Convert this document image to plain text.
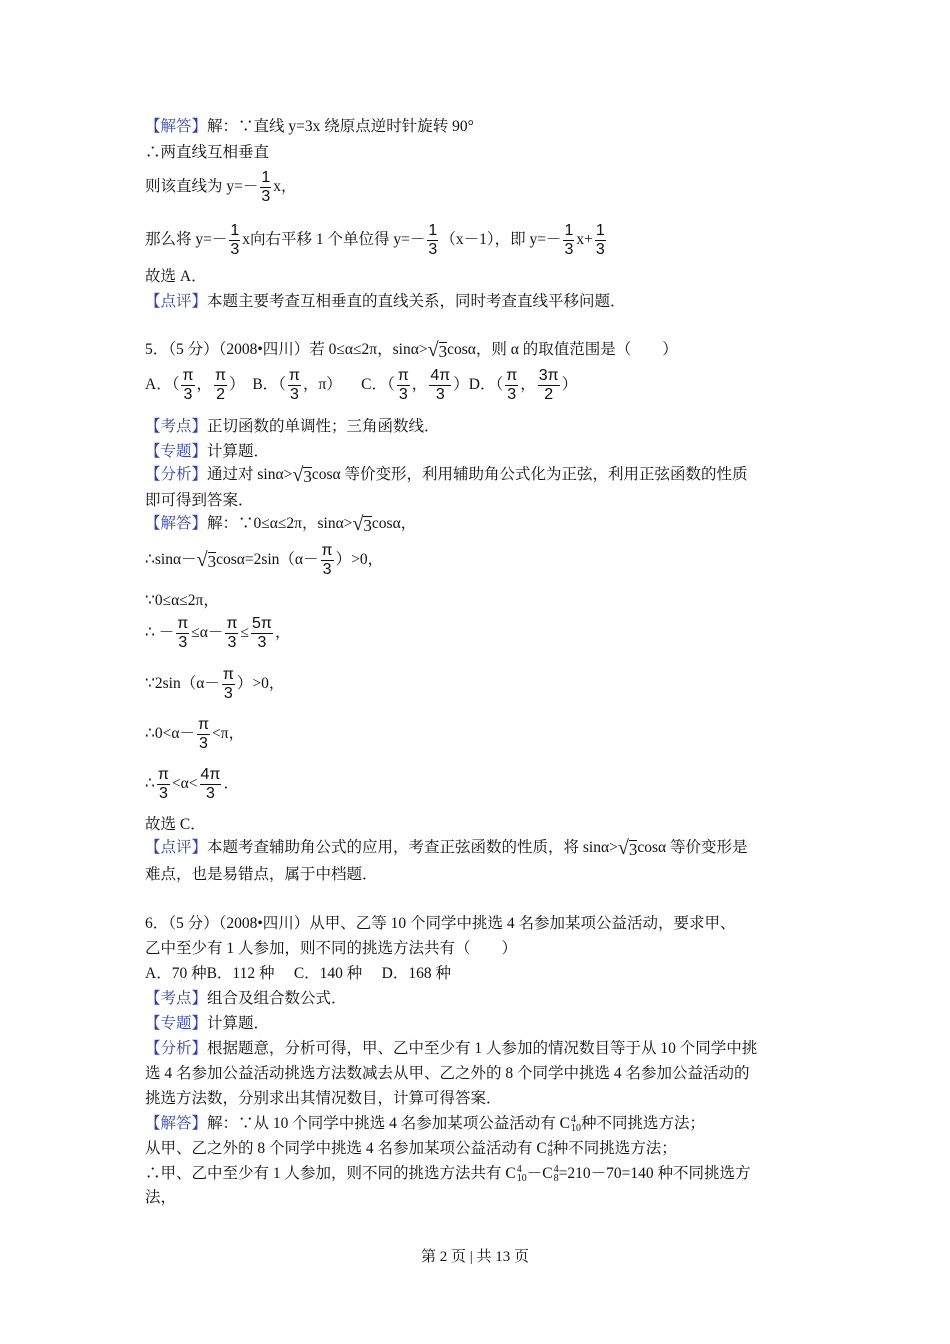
【解答】 解：∵直线 y=3x 绕原点逆时针旋转 90°
∴两直线互相垂直
则该直线为 $y=- \frac{1}{3}$ x，
那么将 $y=- \frac{1}{3}$ x向右平移 1 个单位得 $y=- \frac{1}{3} (x-1)$，即 $y=- \frac{1}{3} x+ \frac{1}{3}$
故选 A．
【点评】 本题主要考查互相垂直的直线关系，同时考查直线平移问题．
5．（5 分）（2008•四川）若 0≤α≤2π，sinα> √ 3 cosα，则 α 的取值范围是（　　）
A．（ $\frac{\pi}{3}$ ， $\frac{\pi}{2}$ ）  B．（ $\frac{\pi}{3}$ ，π）     C．（ $\frac{\pi}{3}$ ， $\frac{4\pi}{3} )D$．（ $\frac{\pi}{3}$ ， $\frac{3\pi}{2}$ ）
【考点】 正切函数的单调性；三角函数线．
【专题】 计算题．
【分析】 通过对 sinα> √ 3 cosα 等价变形，利用辅助角公式化为正弦，利用正弦函数的性质
即可得到答案．
【解答】 解：∵0≤α≤2π，sinα> √ 3 cosα，
∴sinα－ √ 3 $\cos\alpha=2\sin(\alpha- \frac{\pi}{3} )>0$，
∵0≤α≤2π，
∴ － $\frac{\pi}{3} \le\alpha- \frac{\pi}{3} \le \frac{5\pi}{3}$ ，
∵2sin（α－ $\frac{\pi}{3} )>0$，
∴0<α－ $\frac{\pi}{3} <\pi$，
∴ $\frac{\pi}{3} <\alpha< \frac{4\pi}{3}$ ．
故选 C．
【点评】 本题考查辅助角公式的应用，考查正弦函数的性质，将 sinα> √ 3 cosα 等价变形是
难点，也是易错点，属于中档题．
6．（5 分）（2008•四川）从甲、乙等 10 个同学中挑选 4 名参加某项公益活动，要求甲、
乙中至少有 1 人参加，则不同的挑选方法共有（　　）
A．70 种B．112 种     C．140 种     D．168 种
【考点】 组合及组合数公式．
【专题】 计算题．
【分析】 根据题意，分析可得，甲、乙中至少有 1 人参加的情况数目等于从 10 个同学中挑
选 4 名参加公益活动挑选方法数减去从甲、乙之外的 8 个同学中挑选 4 名参加公益活动的
挑选方法数，分别求出其情况数目，计算可得答案．
【解答】 解：∵从 10 个同学中挑选 4 名参加某项公益活动有 C 4
10 种不同挑选方法；
从甲、乙之外的 8 个同学中挑选 4 名参加某项公益活动有 C 4
8 种不同挑选方法；
∴甲、乙中至少有 1 人参加，则不同的挑选方法共有 C 4
10 － C 4
8 =210－70=140 种不同挑选方
法，
第 2 页 | 共 13 页
